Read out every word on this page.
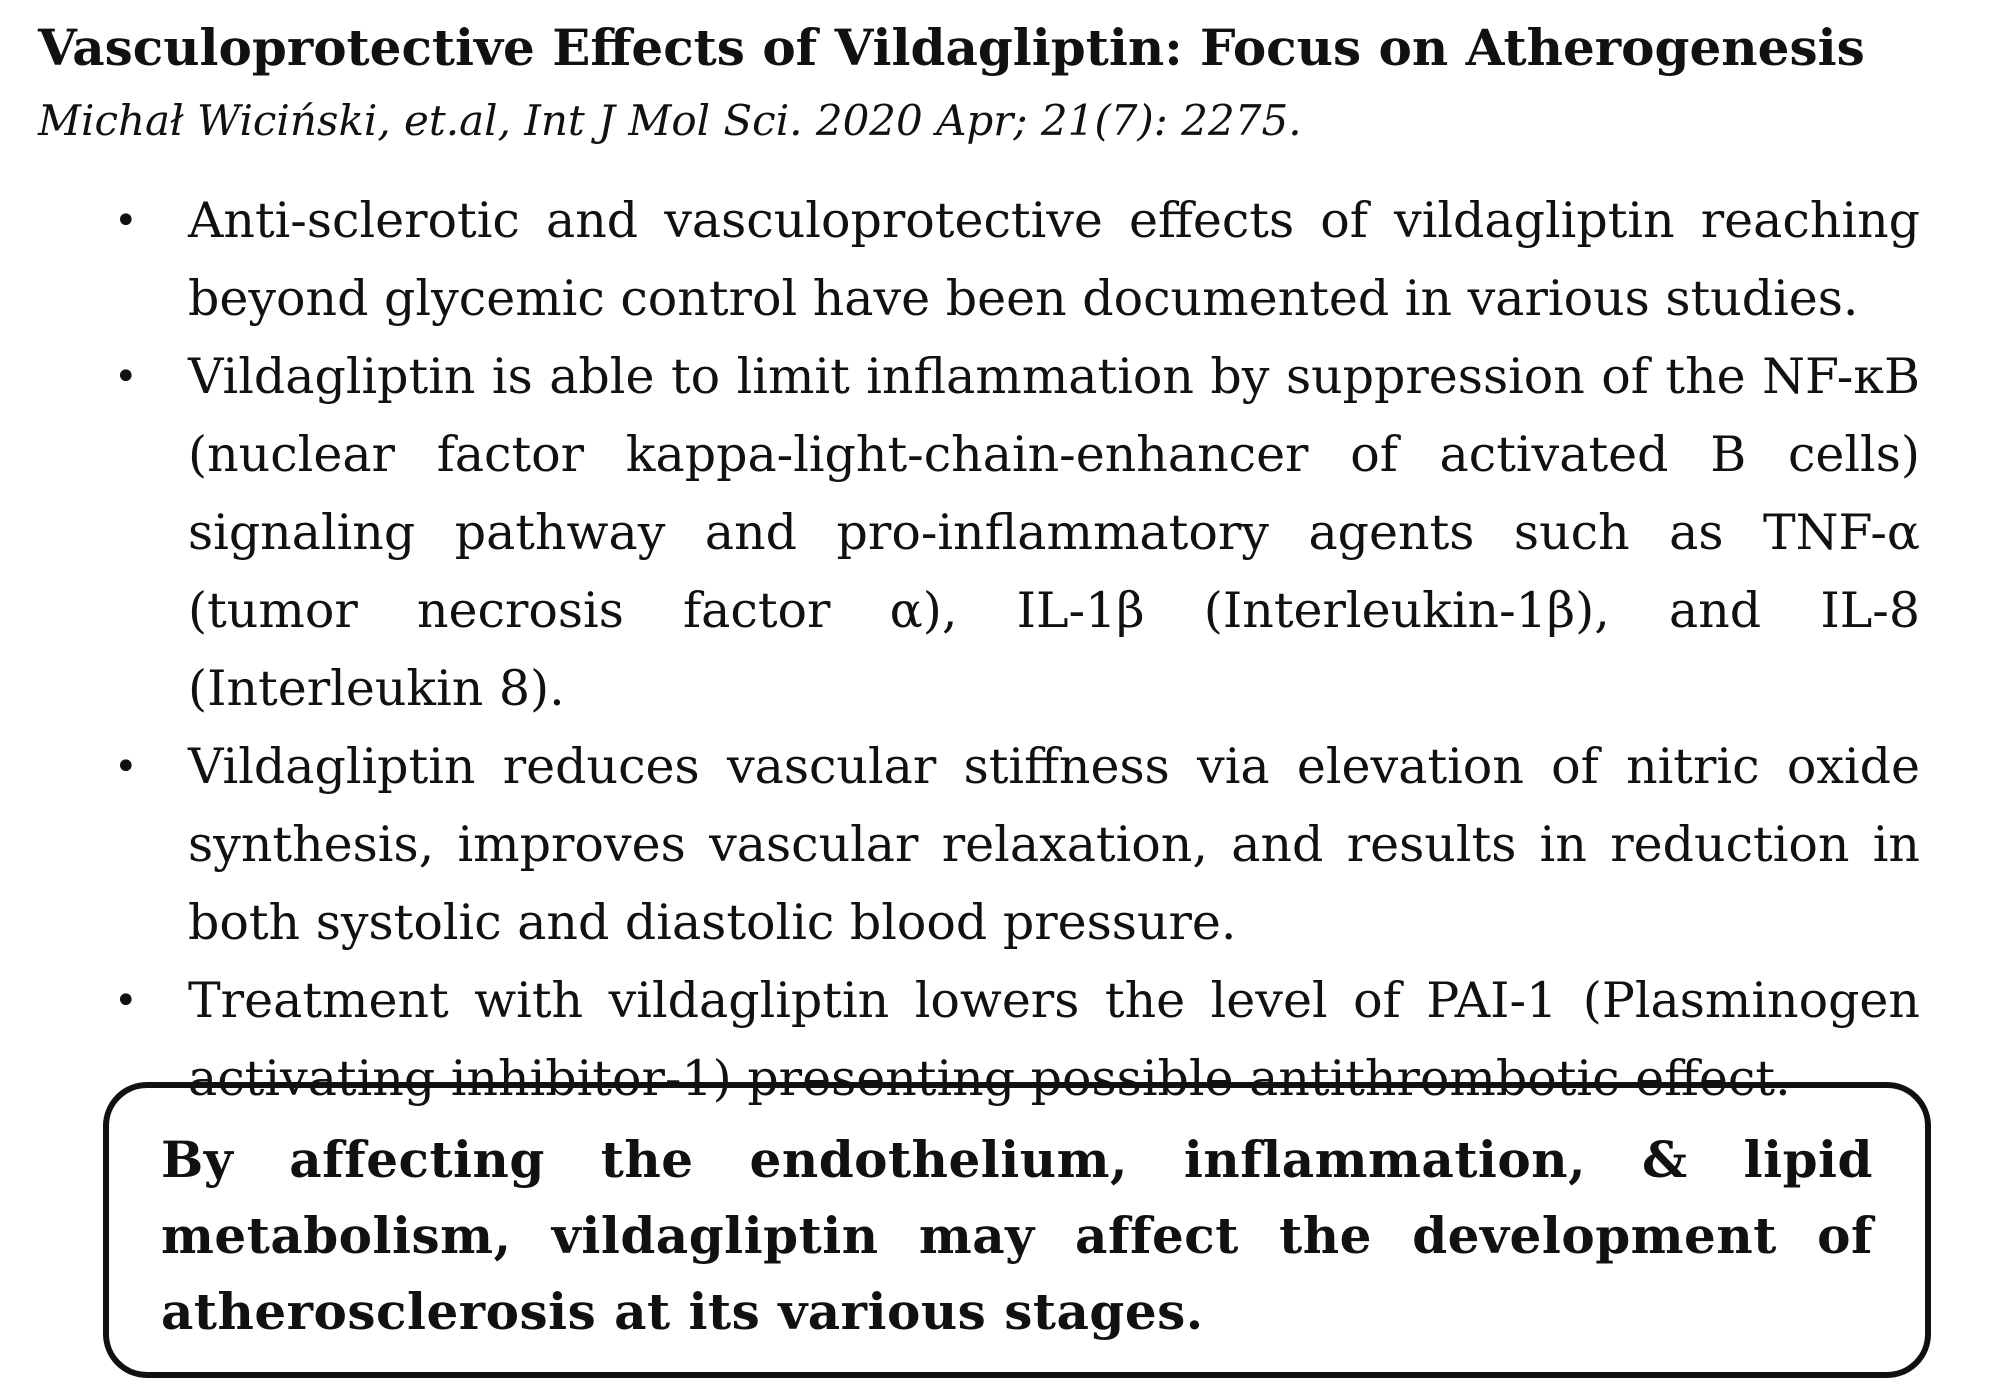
Vasculoprotective Effects of Vildagliptin: Focus on Atherogenesis
Michał Wiciński, et.al, Int J Mol Sci. 2020 Apr; 21(7): 2275.
• Anti-sclerotic and vasculoprotective effects of vildagliptin reaching beyond glycemic control have been documented in various studies.
• Vildagliptin is able to limit inflammation by suppression of the NF-κB (nuclear factor kappa-light-chain-enhancer of activated B cells) signaling pathway and pro-inflammatory agents such as TNF-α (tumor necrosis factor α), IL-1β (Interleukin-1β), and IL-8 (Interleukin 8).
• Vildagliptin reduces vascular stiffness via elevation of nitric oxide synthesis, improves vascular relaxation, and results in reduction in both systolic and diastolic blood pressure.
• Treatment with vildagliptin lowers the level of PAI-1 (Plasminogen activating inhibitor-1) presenting possible antithrombotic effect.
By affecting the endothelium, inflammation, & lipid metabolism, vildagliptin may affect the development of atherosclerosis at its various stages.
